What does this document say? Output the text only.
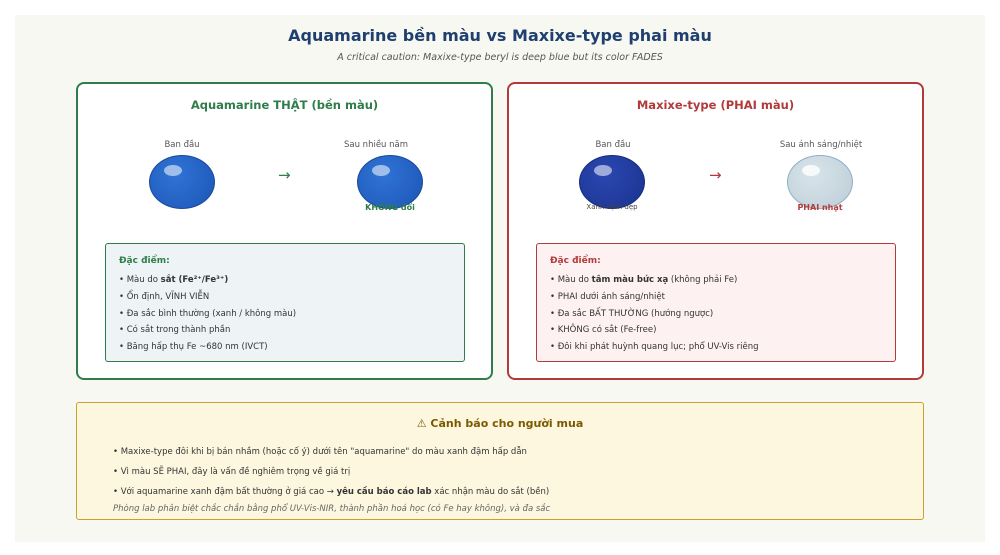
Aquamarine bền màu vs Maxixe-type phai màu
A critical caution: Maxixe-type beryl is deep blue but its color FADES
Aquamarine THẬT (bền màu)
Ban đầu
→
Sau nhiều năm
KHÔNG đổi
Đặc điểm:
• Màu do sắt (Fe²⁺/Fe³⁺)
• Ổn định, VĨNH VIỄN
• Đa sắc bình thường (xanh / không màu)
• Có sắt trong thành phần
• Băng hấp thụ Fe ~680 nm (IVCT)
Maxixe-type (PHAI màu)
Ban đầu
Xanh đậm đẹp
→
Sau ánh sáng/nhiệt
PHAI nhạt
Đặc điểm:
• Màu do tâm màu bức xạ (không phải Fe)
• PHAI dưới ánh sáng/nhiệt
• Đa sắc BẤT THƯỜNG (hướng ngược)
• KHÔNG có sắt (Fe-free)
• Đôi khi phát huỳnh quang lục; phổ UV-Vis riêng
⚠ Cảnh báo cho người mua
• Maxixe-type đôi khi bị bán nhầm (hoặc cố ý) dưới tên "aquamarine" do màu xanh đậm hấp dẫn
• Vì màu SẼ PHAI, đây là vấn đề nghiêm trọng về giá trị
• Với aquamarine xanh đậm bất thường ở giá cao → yêu cầu báo cáo lab xác nhận màu do sắt (bền)
Phòng lab phân biệt chắc chắn bằng phổ UV-Vis-NIR, thành phần hoá học (có Fe hay không), và đa sắc
